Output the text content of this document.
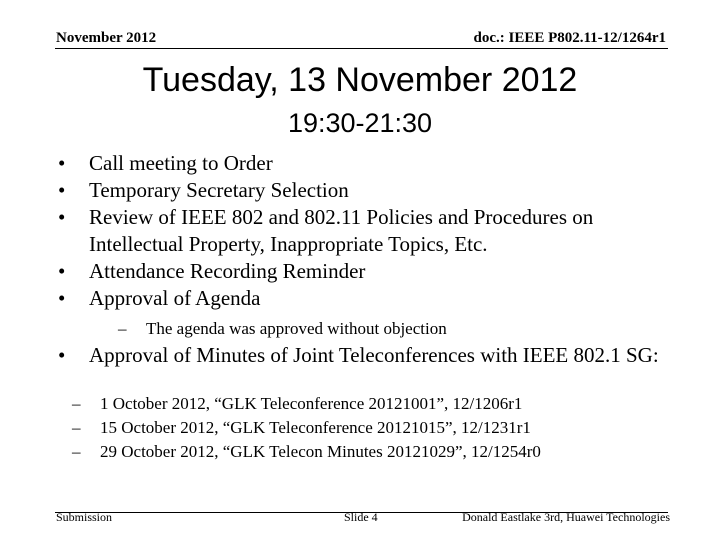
November 2012	doc.: IEEE P802.11-12/1264r1
Tuesday, 13 November 2012
19:30-21:30
• Call meeting to Order
• Temporary Secretary Selection
• Review of IEEE 802 and 802.11 Policies and Procedures on Intellectual Property, Inappropriate Topics, Etc.
• Attendance Recording Reminder
• Approval of Agenda
– The agenda was approved without objection
• Approval of Minutes of Joint Teleconferences with IEEE 802.1 SG:
– 1 October 2012, “GLK Teleconference 20121001”, 12/1206r1
– 15 October 2012, “GLK Teleconference 20121015”, 12/1231r1
– 29 October 2012, “GLK Telecon Minutes 20121029”, 12/1254r0
Submission	Slide 4	Donald Eastlake 3rd, Huawei Technologies
